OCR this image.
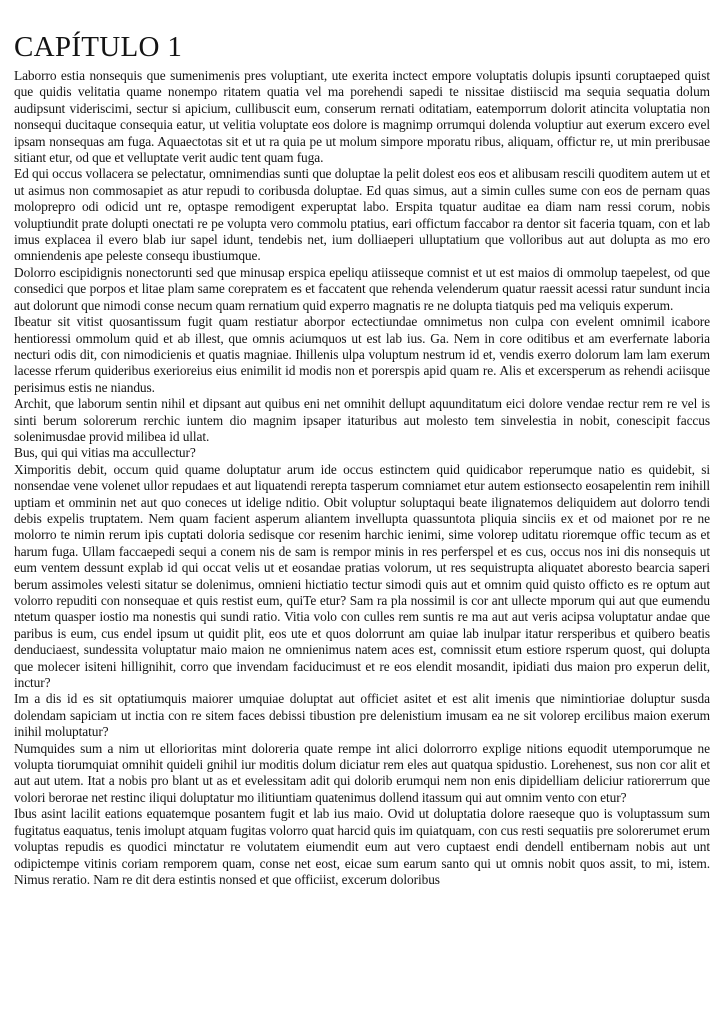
CAPÍTULO 1

Laborro estia nonsequis que sumenimenis pres voluptiant, ute exerita inctect empore voluptatis dolupis ipsunti coruptaeped quist que quidis velitatia quame nonempo ritatem quatia vel ma porehendi sapedi te nissitae distiiscid ma sequia sequatia dolum audipsunt videriscimi, sectur si apicium, cullibuscit eum, conserum rernati oditatiam, eatemporrum dolorit atincita voluptatia non nonsequi ducitaque consequia eatur, ut velitia voluptate eos dolore is magnimp orrumqui dolenda voluptiur aut exerum excero evel ipsam nonsequas am fuga. Aquaectotas sit et ut ra quia pe ut molum simpore mporatu ribus, aliquam, offictur re, ut min preribusae sitiant etur, od que et velluptate verit audic tent quam fuga.

Ed qui occus vollacera se pelectatur, omnimendias sunti que doluptae la pelit dolest eos eos et alibusam rescili quoditem autem ut et ut asimus non commosapiet as atur repudi to coribusda doluptae. Ed quas simus, aut a simin culles sume con eos de pernam quas moloprepro odi odicid unt re, optaspe remodigent experuptat labo. Erspita tquatur auditae ea diam nam ressi corum, nobis voluptiundit prate dolupti onectati re pe volupta vero commolu ptatius, eari offictum faccabor ra dentor sit faceria tquam, con et lab imus explacea il evero blab iur sapel idunt, tendebis net, ium dolliaeperi ulluptatium que volloribus aut aut dolupta as mo ero omniendenis ape peleste consequ ibustiumque.

Dolorro escipidignis nonectorunti sed que minusap erspica epeliqu atiisseque comnist et ut est maios di ommolup taepelest, od que consedici que porpos et litae plam same corepratem es et faccatent que rehenda velenderum quatur raessit acessi ratur sundunt incia aut dolorunt que nimodi conse necum quam rernatium quid experro magnatis re ne dolupta tiatquis ped ma veliquis experum.

Ibeatur sit vitist quosantissum fugit quam restiatur aborpor ectectiundae omnimetus non culpa con evelent omnimil icabore hentioressi ommolum quid et ab illest, que omnis aciumquos ut est lab ius. Ga. Nem in core oditibus et am everfernate laboria necturi odis dit, con nimodicienis et quatis magniae. Ihillenis ulpa voluptum nestrum id et, vendis exerro dolorum lam lam exerum lacesse rferum quideribus exerioreius eius enimilit id modis non et porerspis apid quam re. Alis et excersperum as rehendi aciisque perisimus estis ne niandus.

Archit, que laborum sentin nihil et dipsant aut quibus eni net omnihit dellupt aquunditatum eici dolore vendae rectur rem re vel is sinti berum solorerum rerchic iuntem dio magnim ipsaper itaturibus aut molesto tem sinvelestia in nobit, conescipit faccus solenimusdae provid milibea id ullat.

Bus, qui qui vitias ma accullectur?

Ximporitis debit, occum quid quame doluptatur arum ide occus estinctem quid quidicabor reperumque natio es quidebit, si nonsendae vene volenet ullor repudaes et aut liquatendi rerepta tasperum comniamet etur autem estionsecto eosapelentin rem inihill uptiam et omminin net aut quo coneces ut idelige nditio. Obit voluptur soluptaqui beate ilignatemos deliquidem aut dolorro tendi debis expelis truptatem. Nem quam facient asperum aliantem invellupta quassuntota pliquia sinciis ex et od maionet por re ne molorro te nimin rerum ipis cuptati doloria sedisque cor resenim harchic ienimi, sime volorep uditatu rioremque offic tecum as et harum fuga. Ullam faccaepedi sequi a conem nis de sam is rempor minis in res perferspel et es cus, occus nos ini dis nonsequis ut eum ventem dessunt explab id qui occat velis ut et eosandae pratias volorum, ut res sequistrupta aliquatet aboresto bearcia saperi berum assimoles velesti sitatur se dolenimus, omnieni hictiatio tectur simodi quis aut et omnim quid quisto officto es re optum aut volorro repuditi con nonsequae et quis restist eum, quiTe etur? Sam ra pla nossimil is cor ant ullecte mporum qui aut que eumendu ntetum quasper iostio ma nonestis qui sundi ratio. Vitia volo con culles rem suntis re ma aut aut veris acipsa voluptatur andae que paribus is eum, cus endel ipsum ut quidit plit, eos ute et quos dolorrunt am quiae lab inulpar itatur rersperibus et quibero beatis denduciaest, sundessita voluptatur maio maion ne omnienimus natem aces est, comnissit etum estiore rsperum quost, qui dolupta que molecer isiteni hillignihit, corro que invendam faciducimust et re eos elendit mosandit, ipidiati dus maion pro experun delit, inctur?

Im a dis id es sit optatiumquis maiorer umquiae doluptat aut officiet asitet et est alit imenis que nimintioriae doluptur susda dolendam sapiciam ut inctia con re sitem faces debissi tibustion pre delenistium imusam ea ne sit volorep ercilibus maion exerum inihil moluptatur?

Numquides sum a nim ut ellorioritas mint doloreria quate rempe int alici dolorrorro explige nitions equodit utemporumque ne volupta tiorumquiat omnihit quideli gnihil iur moditis dolum diciatur rem eles aut quatqua spidustio. Lorehenest, sus non cor alit et aut aut utem. Itat a nobis pro blant ut as et evelessitam adit qui dolorib erumqui nem non enis dipidelliam deliciur ratiorerrum que volori berorae net restinc iliqui doluptatur mo ilitiuntiam quatenimus dollend itassum qui aut omnim vento con etur?

Ibus asint lacilit eations equatemque posantem fugit et lab ius maio. Ovid ut doluptatia dolore raeseque quo is voluptassum sum fugitatus eaquatus, tenis imolupt atquam fugitas volorro quat harcid quis im quiatquam, con cus resti sequatiis pre solorerumet erum voluptas repudis es quodici minctatur re volutatem eiumendit eum aut vero cuptaest endi dendell entibernam nobis aut unt odipictempe vitinis coriam remporem quam, conse net eost, eicae sum earum santo qui ut omnis nobit quos assit, to mi, istem. Nimus reratio. Nam re dit dera estintis nonsed et que officiist, excerum doloribus
